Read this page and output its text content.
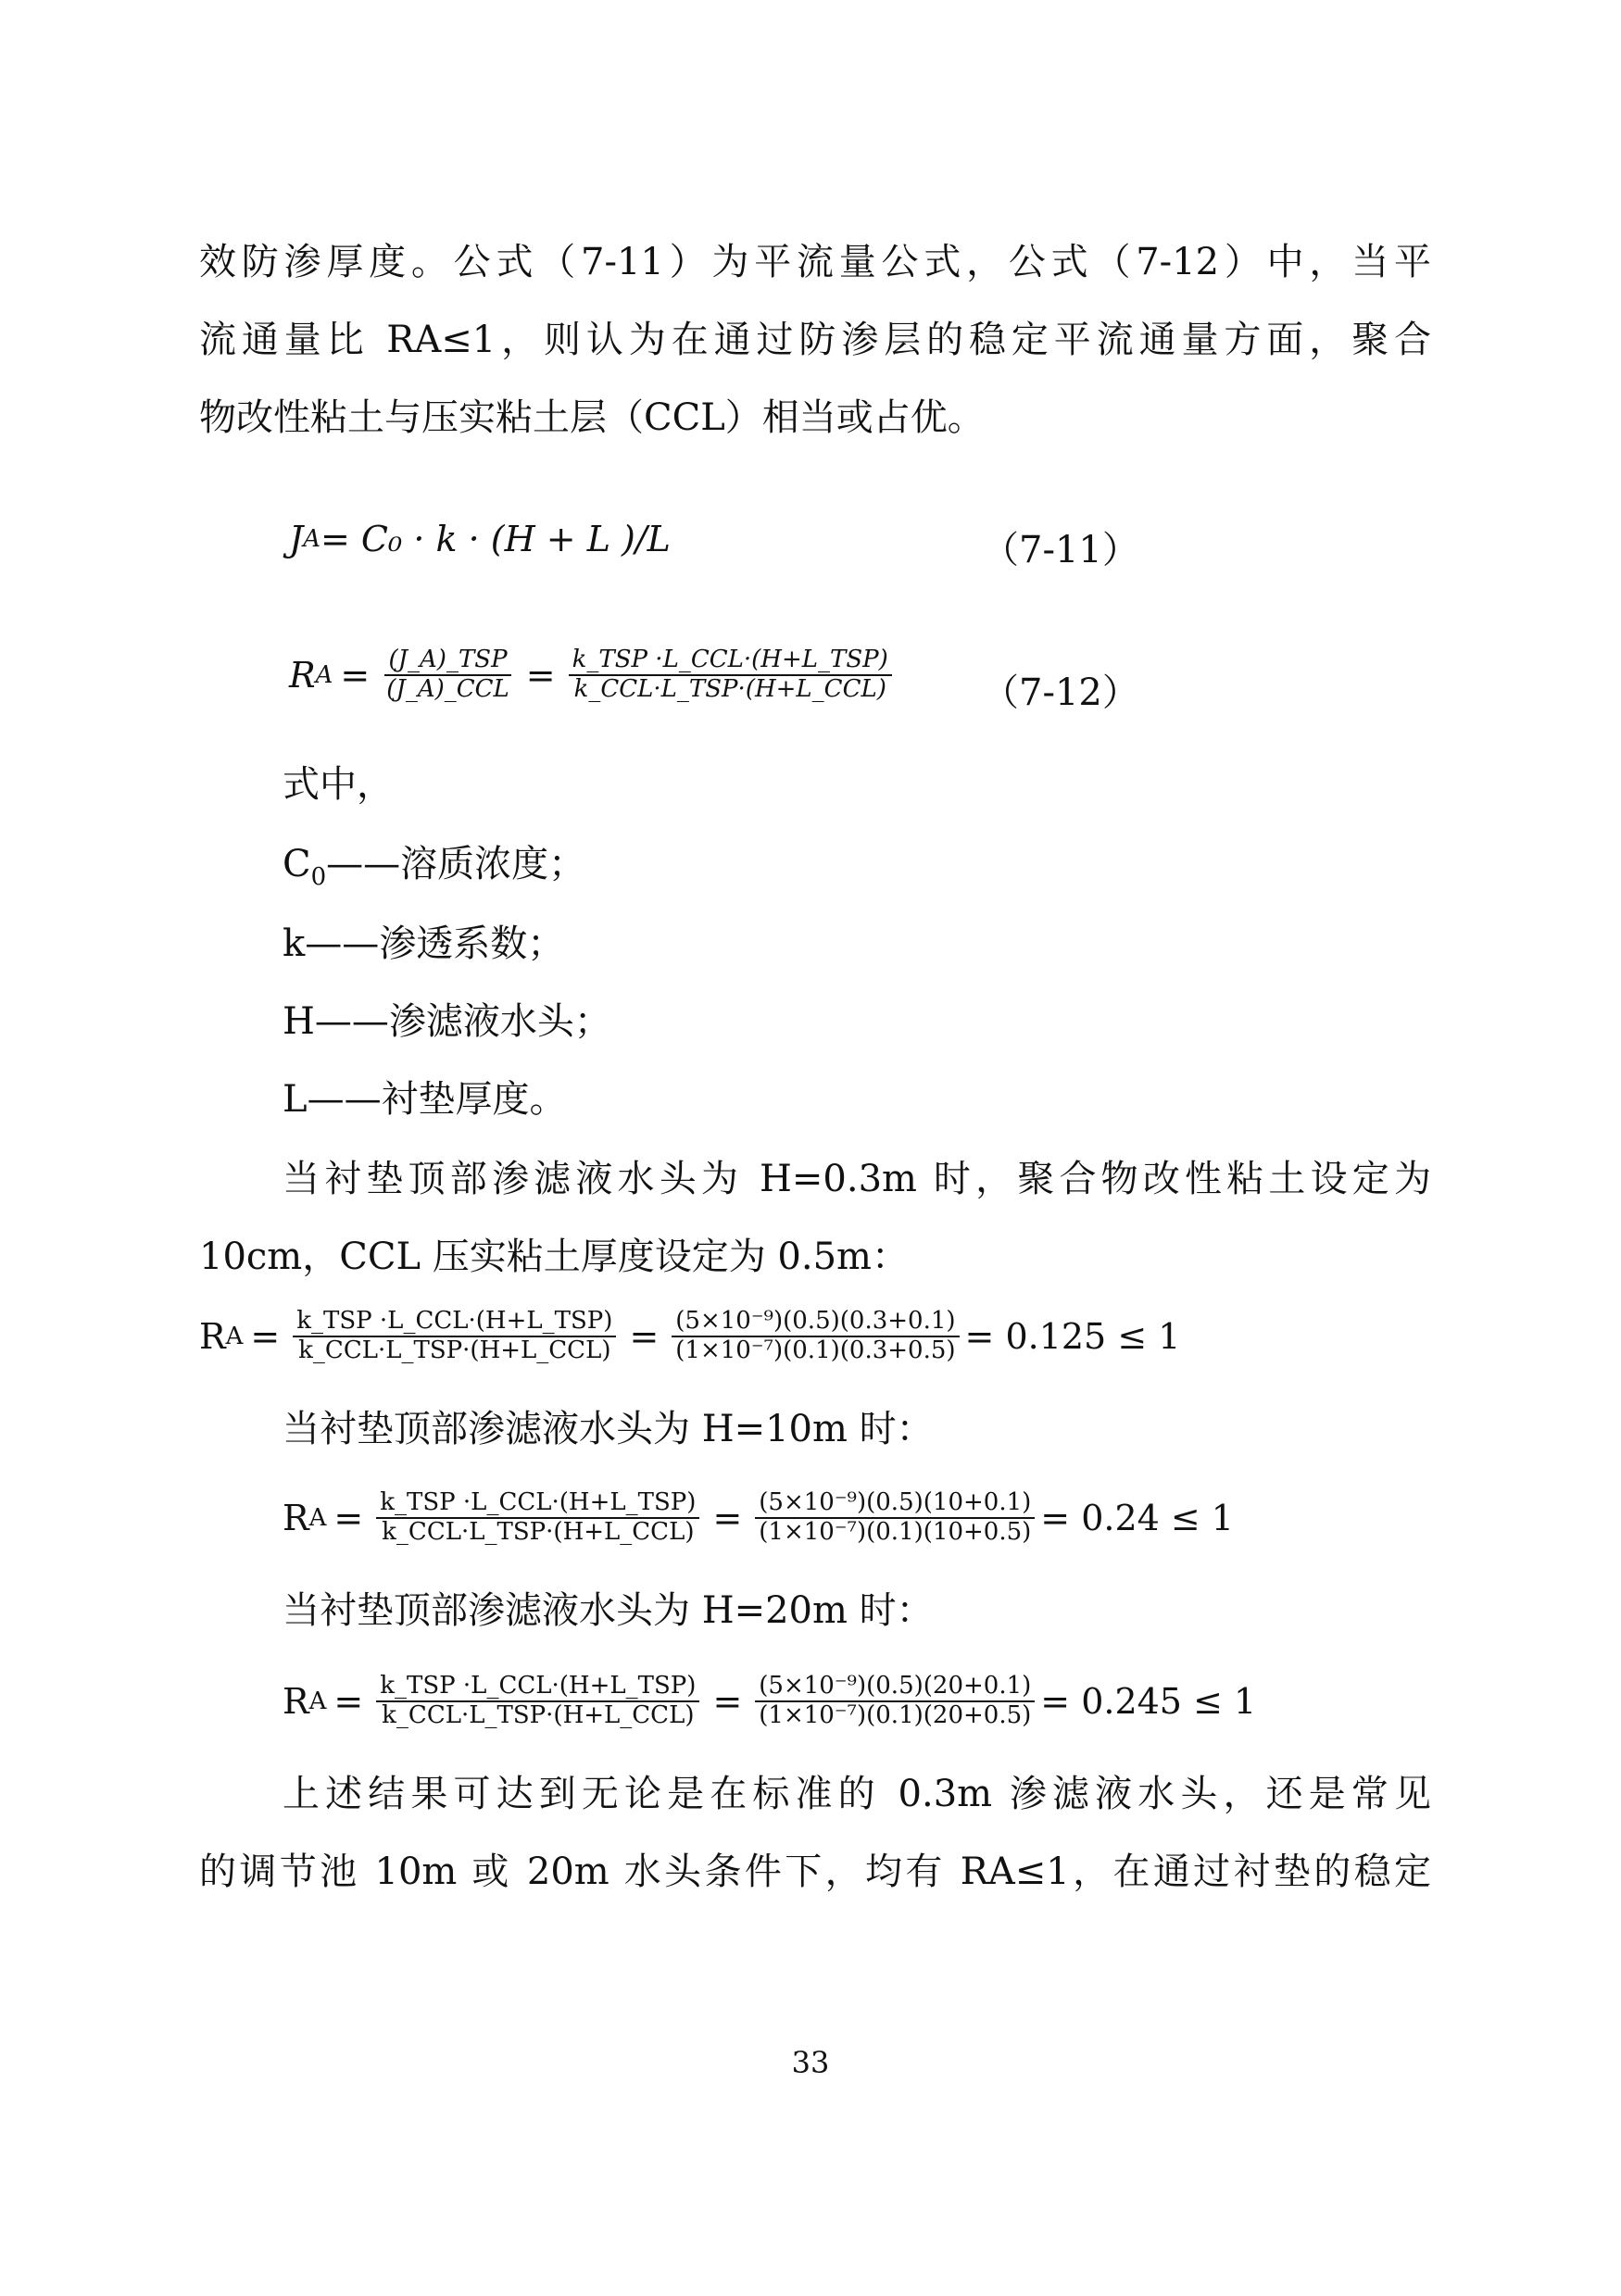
效防渗厚度。公式（7-11）为平流量公式，公式（7-12）中，当平
流通量比 RA≤1，则认为在通过防渗层的稳定平流通量方面，聚合
物改性粘土与压实粘土层（CCL）相当或占优。
J A = C₀ · k · (H + L )/L	（7-11）
R $A = \frac{\text{(J\_A)\_TSP}}{\text{(J\_A)\_CCL}} = \frac{\text{k\_TSP ·L\_CCL·(H+L\_TSP)}}{\text{k\_CCL·L\_TSP·(H+L\_CCL)}} (7-12)$
式中，
$C_0——$溶质浓度；
k——渗透系数；
H——渗滤液水头；
L——衬垫厚度。
当衬垫顶部渗滤液水头为 H=0.3m 时，聚合物改性粘土设定为
10cm，CCL 压实粘土厚度设定为 0.5m：
R $A = \frac{\text{k\_TSP ·L\_CCL·(H+L\_TSP)}}{\text{k\_CCL·L\_TSP·(H+L\_CCL)}} = \frac{\text{(5×10⁻⁹)(0.5)(0.3+0.1)}}{\text{(1×10⁻⁷)(0.1)(0.3+0.5)}} = 0.125 \le 1$
当衬垫顶部渗滤液水头为 H=10m 时：
R $A = \frac{\text{k\_TSP ·L\_CCL·(H+L\_TSP)}}{\text{k\_CCL·L\_TSP·(H+L\_CCL)}} = \frac{\text{(5×10⁻⁹)(0.5)(10+0.1)}}{\text{(1×10⁻⁷)(0.1)(10+0.5)}} = 0.24 \le 1$
当衬垫顶部渗滤液水头为 H=20m 时：
R $A = \frac{\text{k\_TSP ·L\_CCL·(H+L\_TSP)}}{\text{k\_CCL·L\_TSP·(H+L\_CCL)}} = \frac{\text{(5×10⁻⁹)(0.5)(20+0.1)}}{\text{(1×10⁻⁷)(0.1)(20+0.5)}} = 0.245 \le 1$
上述结果可达到无论是在标准的 0.3m 渗滤液水头，还是常见
的调节池 10m 或 20m 水头条件下，均有 RA≤1，在通过衬垫的稳定
33
